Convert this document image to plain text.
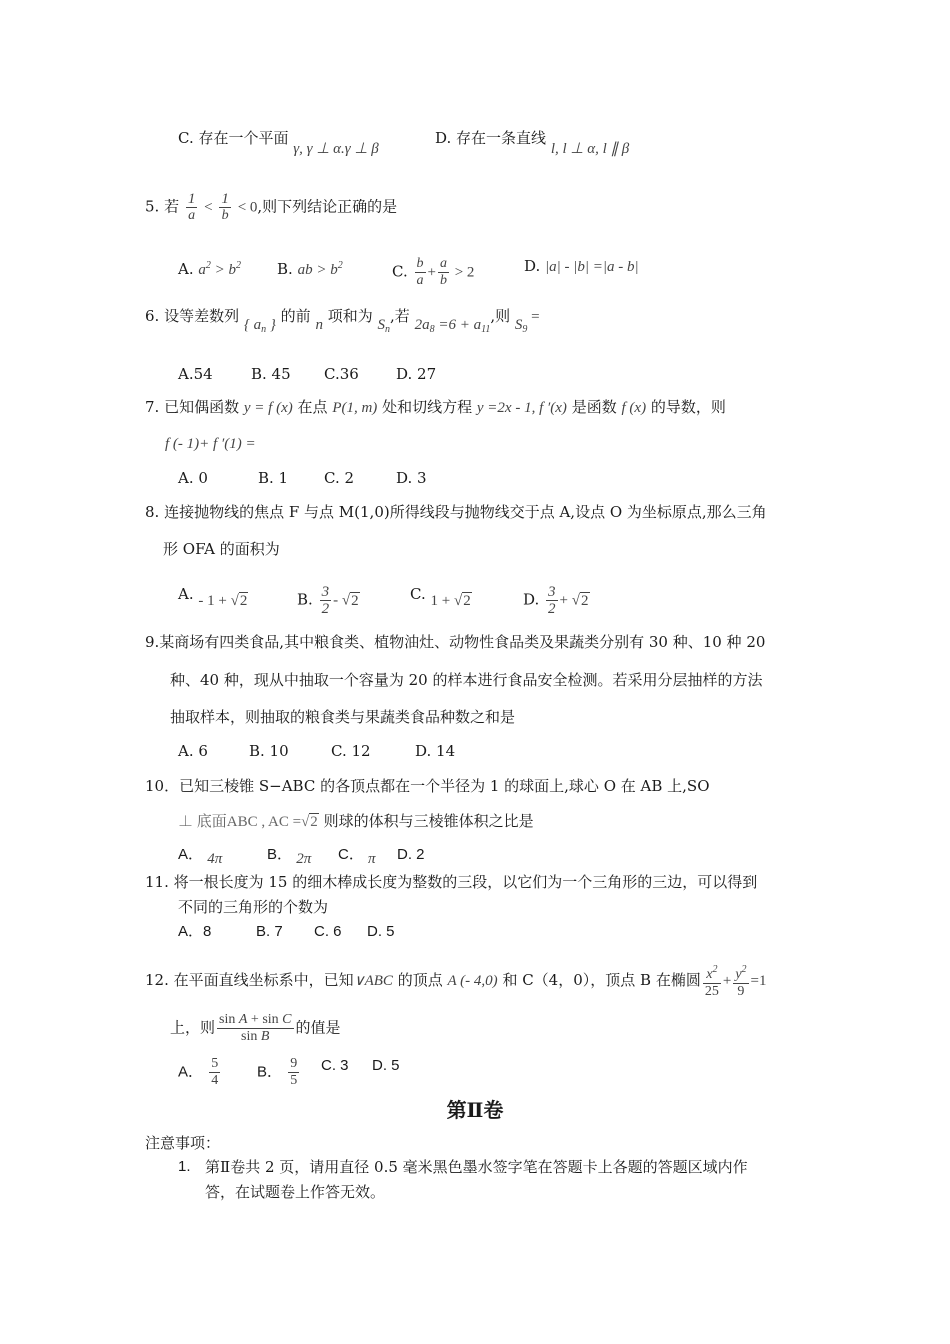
C. 存在一个平面 γ, γ ⊥ α.γ ⊥ β
D. 存在一条直线 l, l ⊥ α, l ∥ β
5. 若 $\frac{1}{a} < \frac{1}{b} < 0$,则下列结论正确的是
A. $a^2 > b^2$ B. ab > $b^2$	C. $\frac{b}{a} + \frac{a}{b} > 2$	D. |a| - |b| =|a - b|
6. 设等差数列 { $a_n$ } 的前 n 项和为 $S_n$,若 $2a_8 =6 + a_{11}$,则 $S_9$ =
A.54	B. 45 C.36 D. 27
7. 已知偶函数 y = f (x) 在点 P(1, m) 处和切线方程 y =2x - 1, f ′(x) 是函数 f (x) 的导数，则
f (- 1)+ f ′(1) =
A. 0	B. 1 C. 2	D. 3
8. 连接抛物线的焦点 F 与点 M(1,0)所得线段与抛物线交于点 A,设点 O 为坐标原点,那么三角
形 OFA 的面积为
A. - 1 + √2	B. $\frac{3}{2} - √2$	C. 1 + √2	D. $\frac{3}{2} + √2$
9.某商场有四类食品,其中粮食类、植物油灶、动物性食品类及果蔬类分别有 30 种、10 种 20
种、40 种，现从中抽取一个容量为 20 的样本进行食品安全检测。若采用分层抽样的方法
抽取样本，则抽取的粮食类与果蔬类食品种数之和是
A. 6	B. 10	C. 12	D. 14
10．已知三棱锥 S−ABC 的各顶点都在一个半径为 1 的球面上,球心 O 在 AB 上,SO
⊥ 底面ABC , AC =√2 则球的体积与三棱锥体积之比是
A． 4π	B． 2π C． π D. 2
11. 将一根长度为 15 的细木棒成长度为整数的三段，以它们为一个三角形的三边，可以得到
不同的三角形的个数为
A．8	B. 7 C. 6 D. 5
12. 在平面直线坐标系中，已知∨ABC 的顶点 A (- 4,0) 和 C（4，0），顶点 B 在椭圆 $\frac{x^2}{25} + \frac{y^2}{9} =1$
上，则 $\frac{\text{sin A + sin C}}{\text{sin B}}$ 的值是
A． $\frac{5}{4}$ B． $\frac{9}{5} C$. 3 D. 5
第Ⅱ卷
注意事项：
1. 第Ⅱ卷共 2 页，请用直径 0.5 毫米黑色墨水签字笔在答题卡上各题的答题区域内作
答，在试题卷上作答无效。
